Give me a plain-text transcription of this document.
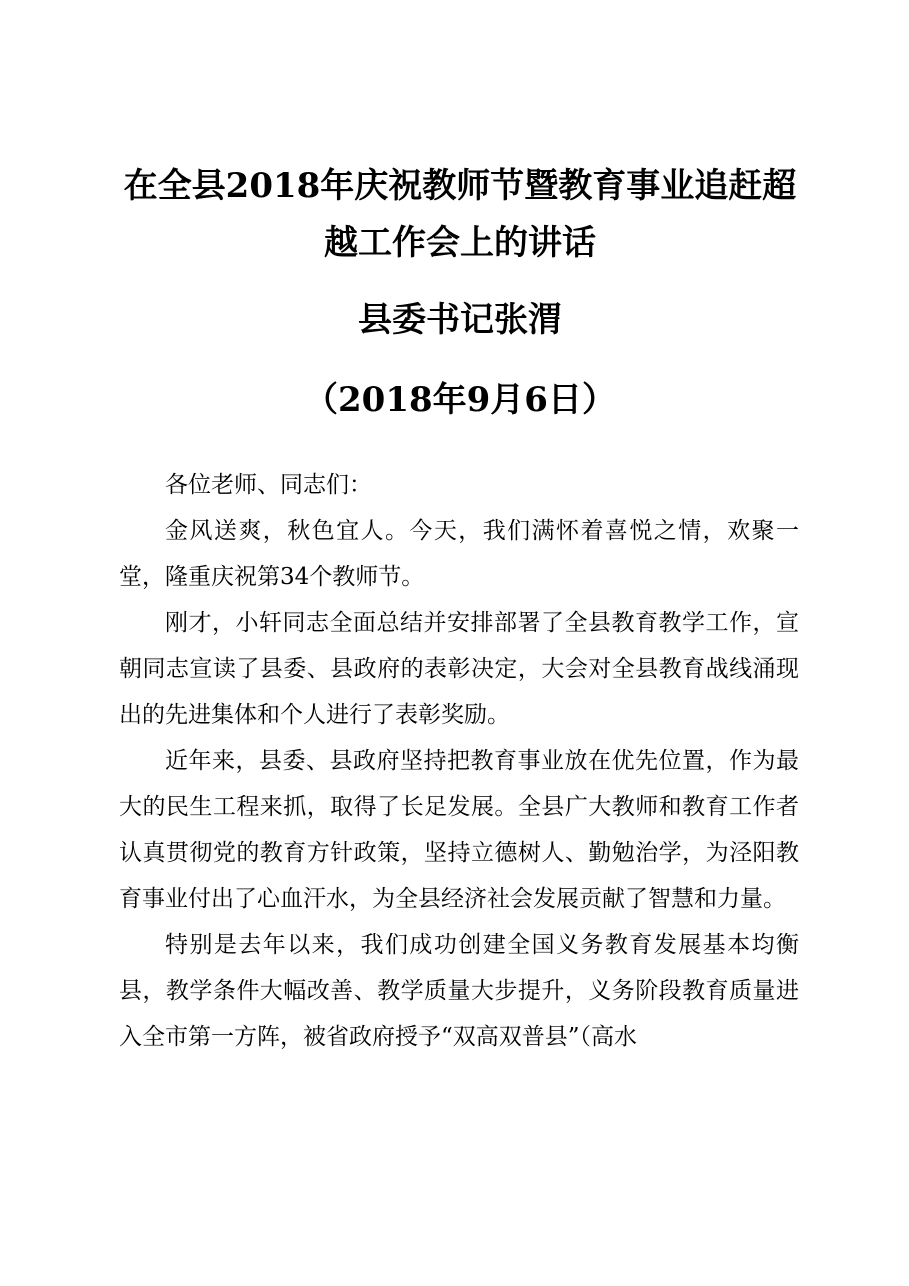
在全县2018年庆祝教师节暨教育事业追赶超越工作会上的讲话
县委书记张渭
（2018年9月6日）

各位老师、同志们：

金风送爽，秋色宜人。今天，我们满怀着喜悦之情，欢聚一堂，隆重庆祝第34个教师节。

刚才，小轩同志全面总结并安排部署了全县教育教学工作，宣朝同志宣读了县委、县政府的表彰决定，大会对全县教育战线涌现出的先进集体和个人进行了表彰奖励。

近年来，县委、县政府坚持把教育事业放在优先位置，作为最大的民生工程来抓，取得了长足发展。全县广大教师和教育工作者认真贯彻党的教育方针政策，坚持立德树人、勤勉治学，为泾阳教育事业付出了心血汗水，为全县经济社会发展贡献了智慧和力量。

特别是去年以来，我们成功创建全国义务教育发展基本均衡县，教学条件大幅改善、教学质量大步提升，义务阶段教育质量进入全市第一方阵，被省政府授予“双高双普县”（高水
